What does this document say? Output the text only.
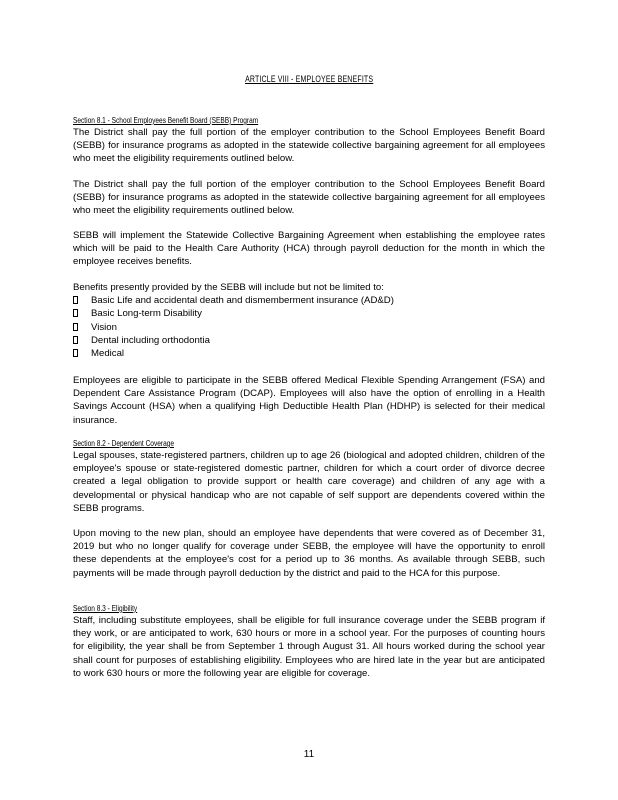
ARTICLE VIII - EMPLOYEE BENEFITS
Section 8.1 - School Employees Benefit Board (SEBB) Program

The District shall pay the full portion of the employer contribution to the School Employees Benefit Board (SEBB) for insurance programs as adopted in the statewide collective bargaining agreement for all employees who meet the eligibility requirements outlined below.

The District shall pay the full portion of the employer contribution to the School Employees Benefit Board (SEBB) for insurance programs as adopted in the statewide collective bargaining agreement for all employees who meet the eligibility requirements outlined below.

SEBB will implement the Statewide Collective Bargaining Agreement when establishing the employee rates which will be paid to the Health Care Authority (HCA) through payroll deduction for the month in which the employee receives benefits.

Benefits presently provided by the SEBB will include but not be limited to:

Basic Life and accidental death and dismemberment insurance (AD&D)
Basic Long-term Disability
Vision
Dental including orthodontia
Medical

Employees are eligible to participate in the SEBB offered Medical Flexible Spending Arrangement (FSA) and Dependent Care Assistance Program (DCAP). Employees will also have the option of enrolling in a Health Savings Account (HSA) when a qualifying High Deductible Health Plan (HDHP) is selected for their medical insurance.

Section 8.2 - Dependent Coverage

Legal spouses, state-registered partners, children up to age 26 (biological and adopted children, children of the employee's spouse or state-registered domestic partner, children for which a court order of divorce decree created a legal obligation to provide support or health care coverage) and children of any age with a developmental or physical handicap who are not capable of self support are dependents covered within the SEBB programs.

Upon moving to the new plan, should an employee have dependents that were covered as of December 31, 2019 but who no longer qualify for coverage under SEBB, the employee will have the opportunity to enroll these dependents at the employee's cost for a period up to 36 months. As available through SEBB, such payments will be made through payroll deduction by the district and paid to the HCA for this purpose.

Section 8.3 - Eligibility

Staff, including substitute employees, shall be eligible for full insurance coverage under the SEBB program if they work, or are anticipated to work, 630 hours or more in a school year. For the purposes of counting hours for eligibility, the year shall be from September 1 through August 31. All hours worked during the school year shall count for purposes of establishing eligibility. Employees who are hired late in the year but are anticipated to work 630 hours or more the following year are eligible for coverage.

11
